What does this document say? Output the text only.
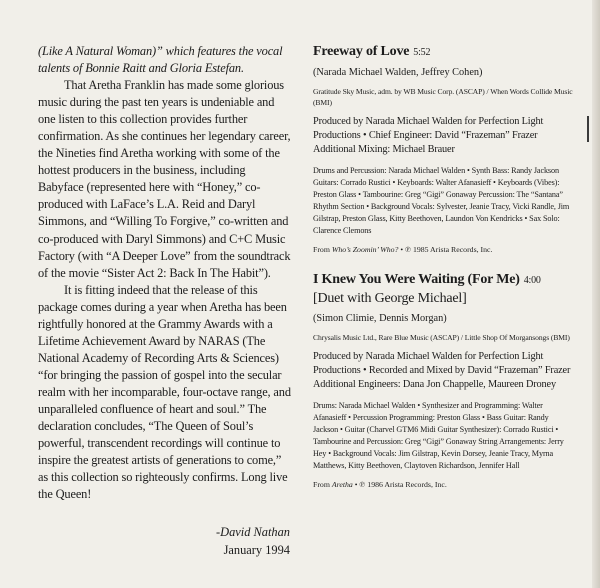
(Like A Natural Woman)” which features the vocal talents of Bonnie Raitt and Gloria Estefan.

That Aretha Franklin has made some glorious music during the past ten years is undeniable and one listen to this collection provides further confirmation. As she continues her legendary career, the Nineties find Aretha working with some of the hottest producers in the business, including Babyface (represented here with “Honey,” co-produced with LaFace’s L.A. Reid and Daryl Simmons, and “Willing To Forgive,” co-written and co-produced with Daryl Simmons) and C+C Music Factory (with “A Deeper Love” from the soundtrack of the movie “Sister Act 2: Back In The Habit”).

It is fitting indeed that the release of this package comes during a year when Aretha has been rightfully honored at the Grammy Awards with a Lifetime Achievement Award by NARAS (The National Academy of Recording Arts & Sciences) “for bringing the passion of gospel into the secular realm with her incomparable, four-octave range, and unparalleled confluence of heart and soul.” The declaration concludes, “The Queen of Soul’s powerful, transcendent recordings will continue to inspire the greatest artists of generations to come,” as this collection so righteously confirms. Long live the Queen!

-David Nathan
January 1994
Freeway of Love 5:52
(Narada Michael Walden, Jeffrey Cohen)
Gratitude Sky Music, adm. by WB Music Corp. (ASCAP) / When Words Collide Music (BMI)
Produced by Narada Michael Walden for Perfection Light Productions • Chief Engineer: David “Frazeman” Frazer Additional Mixing: Michael Brauer
Drums and Percussion: Narada Michael Walden • Synth Bass: Randy Jackson Guitars: Corrado Rustici • Keyboards: Walter Afanasieff • Keyboards (Vibes): Preston Glass • Tambourine: Greg “Gigi” Gonaway Percussion: The “Santana” Rhythm Section • Background Vocals: Sylvester, Jeanie Tracy, Vicki Randle, Jim Gilstrap, Preston Glass, Kitty Beethoven, Laundon Von Kendricks • Sax Solo: Clarence Clemons
From Who’s Zoomin’ Who? • ℗ 1985 Arista Records, Inc.
I Knew You Were Waiting (For Me) 4:00
[Duet with George Michael]
(Simon Climie, Dennis Morgan)
Chrysalis Music Ltd., Rare Blue Music (ASCAP) / Little Shop Of Morgansongs (BMI)
Produced by Narada Michael Walden for Perfection Light Productions • Recorded and Mixed by David “Frazeman” Frazer Additional Engineers: Dana Jon Chappelle, Maureen Droney
Drums: Narada Michael Walden • Synthesizer and Programming: Walter Afanasieff • Percussion Programming: Preston Glass • Bass Guitar: Randy Jackson • Guitar (Charvel GTM6 Midi Guitar Synthesizer): Corrado Rustici • Tambourine and Percussion: Greg “Gigi” Gonaway String Arrangements: Jerry Hey • Background Vocals: Jim Gilstrap, Kevin Dorsey, Jeanie Tracy, Myrna Matthews, Kitty Beethoven, Claytoven Richardson, Jennifer Hall
From Aretha • ℗ 1986 Arista Records, Inc.
